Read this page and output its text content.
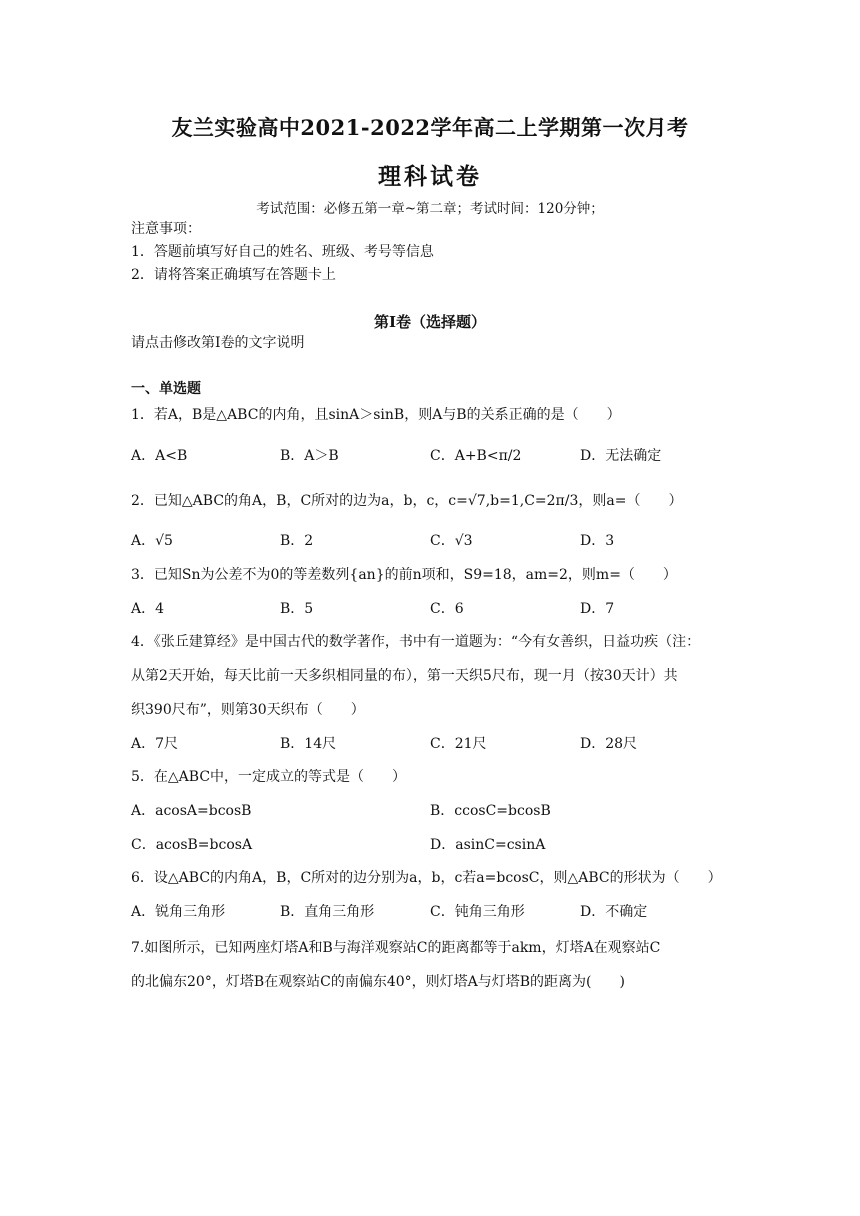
友兰实验高中2021-2022学年高二上学期第一次月考
理科试卷
考试范围：必修五第一章~第二章；考试时间：120分钟；
注意事项：
1．答题前填写好自己的姓名、班级、考号等信息
2．请将答案正确填写在答题卡上
第I卷（选择题）
请点击修改第I卷的文字说明
一、单选题
1．若A，B是△ABC的内角，且sinA＞sinB，则A与B的关系正确的是（　　）
A．A<B	B．A＞B	C．A+B<π/2	D．无法确定
2．已知△ABC的角A，B，C所对的边为a，b，c，c=√7,b=1,C=2π/3，则a=（　　）
A．√5	B．2	C．√3	D．3
3．已知Sn为公差不为0的等差数列{an}的前n项和，S9=18，am=2，则m=（　　）
A．4	B．5	C．6	D．7
4．《张丘建算经》是中国古代的数学著作，书中有一道题为：“今有女善织，日益功疾（注：
从第2天开始，每天比前一天多织相同量的布），第一天织5尺布，现一月（按30天计）共
织390尺布”，则第30天织布（　　）
A．7尺	B．14尺	C．21尺	D．28尺
5．在△ABC中，一定成立的等式是（　　）
A．acosA=bcosB	B．ccosC=bcosB
C．acosB=bcosA	D．asinC=csinA
6．设△ABC的内角A，B，C所对的边分别为a，b，c若a=bcosC，则△ABC的形状为（　　）
A．锐角三角形	B．直角三角形	C．钝角三角形	D．不确定
7.如图所示，已知两座灯塔A和B与海洋观察站C的距离都等于akm，灯塔A在观察站C
的北偏东20°，灯塔B在观察站C的南偏东40°，则灯塔A与灯塔B的距离为(　　)
